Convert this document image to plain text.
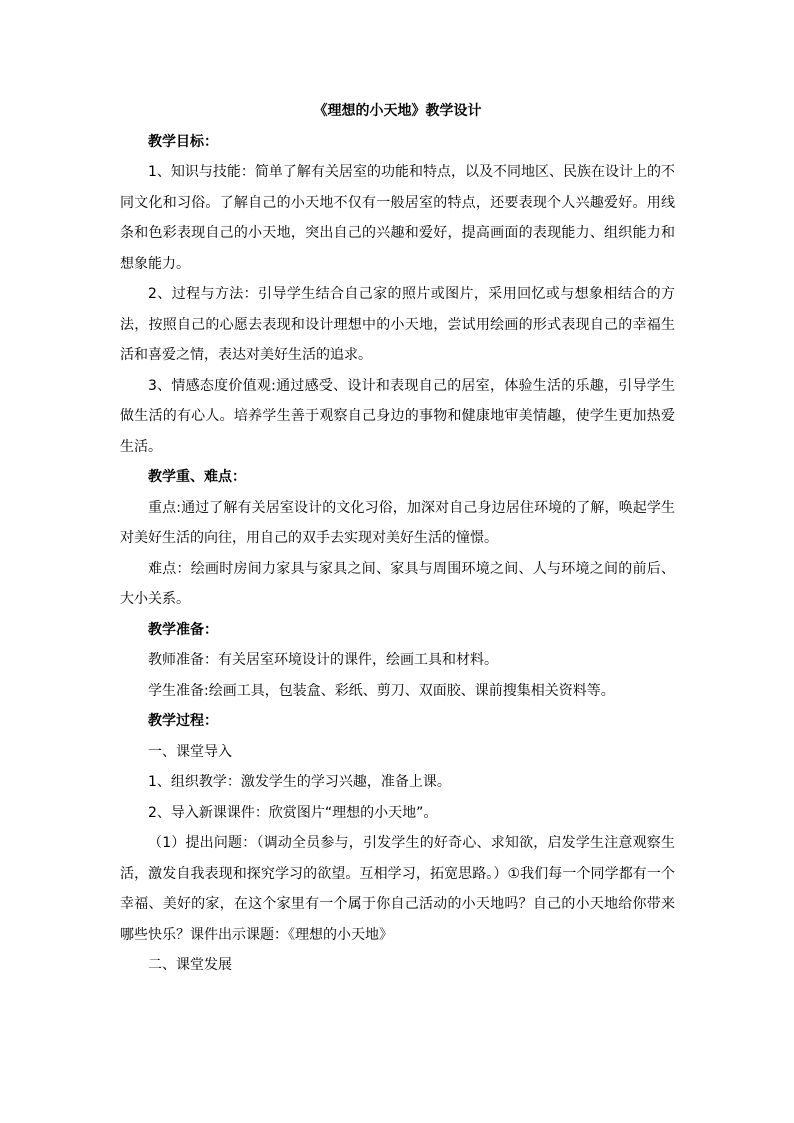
《理想的小天地》教学设计

教学目标：

1、知识与技能：简单了解有关居室的功能和特点，以及不同地区、民族在设计上的不同文化和习俗。了解自己的小天地不仅有一般居室的特点，还要表现个人兴趣爱好。用线条和色彩表现自己的小天地，突出自己的兴趣和爱好，提高画面的表现能力、组织能力和想象能力。

2、过程与方法：引导学生结合自己家的照片或图片，采用回忆或与想象相结合的方法，按照自己的心愿去表现和设计理想中的小天地，尝试用绘画的形式表现自己的幸福生活和喜爱之情，表达对美好生活的追求。

3、情感态度价值观:通过感受、设计和表现自己的居室，体验生活的乐趣，引导学生做生活的有心人。培养学生善于观察自己身边的事物和健康地审美情趣，使学生更加热爱生活。

教学重、难点：

重点:通过了解有关居室设计的文化习俗，加深对自己身边居住环境的了解，唤起学生对美好生活的向往，用自己的双手去实现对美好生活的憧憬。

难点：绘画时房间力家具与家具之间、家具与周围环境之间、人与环境之间的前后、大小关系。

教学准备：

教师准备：有关居室环境设计的课件，绘画工具和材料。

学生准备:绘画工具，包装盒、彩纸、剪刀、双面胶、课前搜集相关资料等。

教学过程：

一、课堂导入

1、组织教学：激发学生的学习兴趣，准备上课。

2、导入新课课件：欣赏图片“理想的小天地”。

（1）提出问题：（调动全员参与，引发学生的好奇心、求知欲，启发学生注意观察生活，激发自我表现和探究学习的欲望。互相学习，拓宽思路。）①我们每一个同学都有一个幸福、美好的家，在这个家里有一个属于你自己活动的小天地吗？自己的小天地给你带来哪些快乐？课件出示课题：《理想的小天地》

二、课堂发展
